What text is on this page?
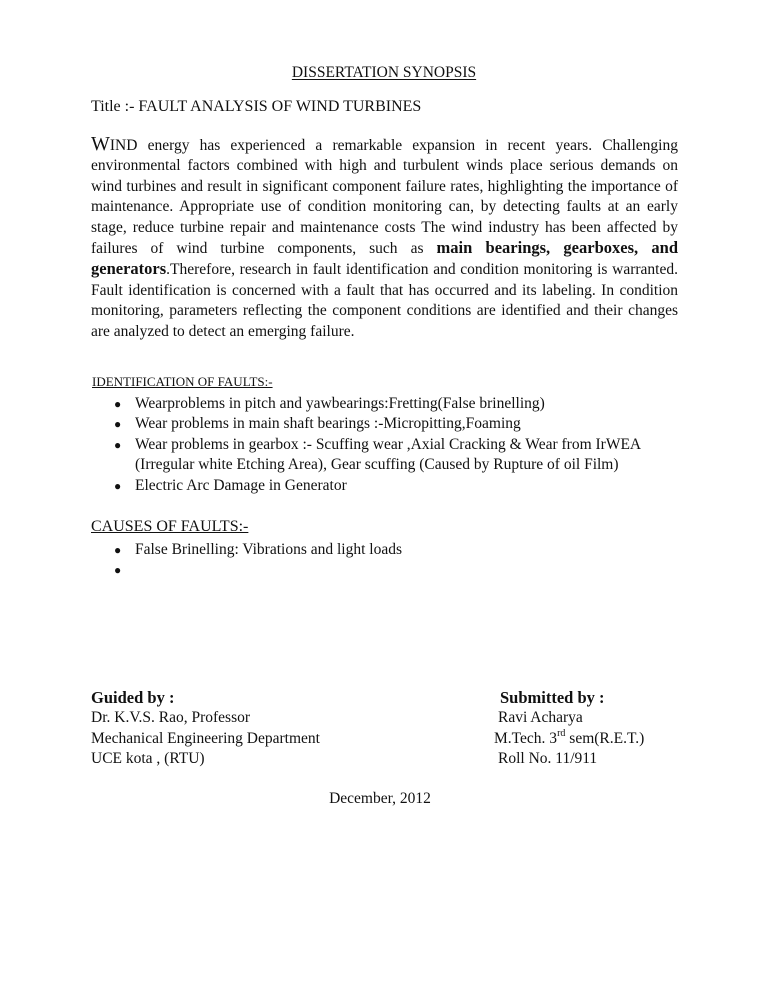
DISSERTATION SYNOPSIS
Title :- FAULT ANALYSIS OF WIND TURBINES

WIND energy has experienced a remarkable expansion in recent years. Challenging environmental factors combined with high and turbulent winds place serious demands on wind turbines and result in significant component failure rates, highlighting the importance of maintenance. Appropriate use of condition monitoring can, by detecting faults at an early stage, reduce turbine repair and maintenance costs The wind industry has been affected by failures of wind turbine components, such as main bearings, gearboxes, and generators.Therefore, research in fault identification and condition monitoring is warranted. Fault identification is concerned with a fault that has occurred and its labeling. In condition monitoring, parameters reflecting the component conditions are identified and their changes are analyzed to detect an emerging failure.

IDENTIFICATION OF FAULTS:-
● Wearproblems in pitch and yawbearings:Fretting(False brinelling)
● Wear problems in main shaft bearings :-Micropitting,Foaming
● Wear problems in gearbox :- Scuffing wear ,Axial Cracking & Wear from IrWEA (Irregular white Etching Area), Gear scuffing (Caused by Rupture of oil Film)
● Electric Arc Damage in Generator
CAUSES OF FAULTS:-
● False Brinelling: Vibrations and light loads
●

Guided by :
Dr. K.V.S. Rao, Professor
Mechanical Engineering Department
UCE kota , (RTU)
Submitted by :
Ravi Acharya
M.Tech. 3rd sem(R.E.T.)
Roll No. 11/911
December, 2012
